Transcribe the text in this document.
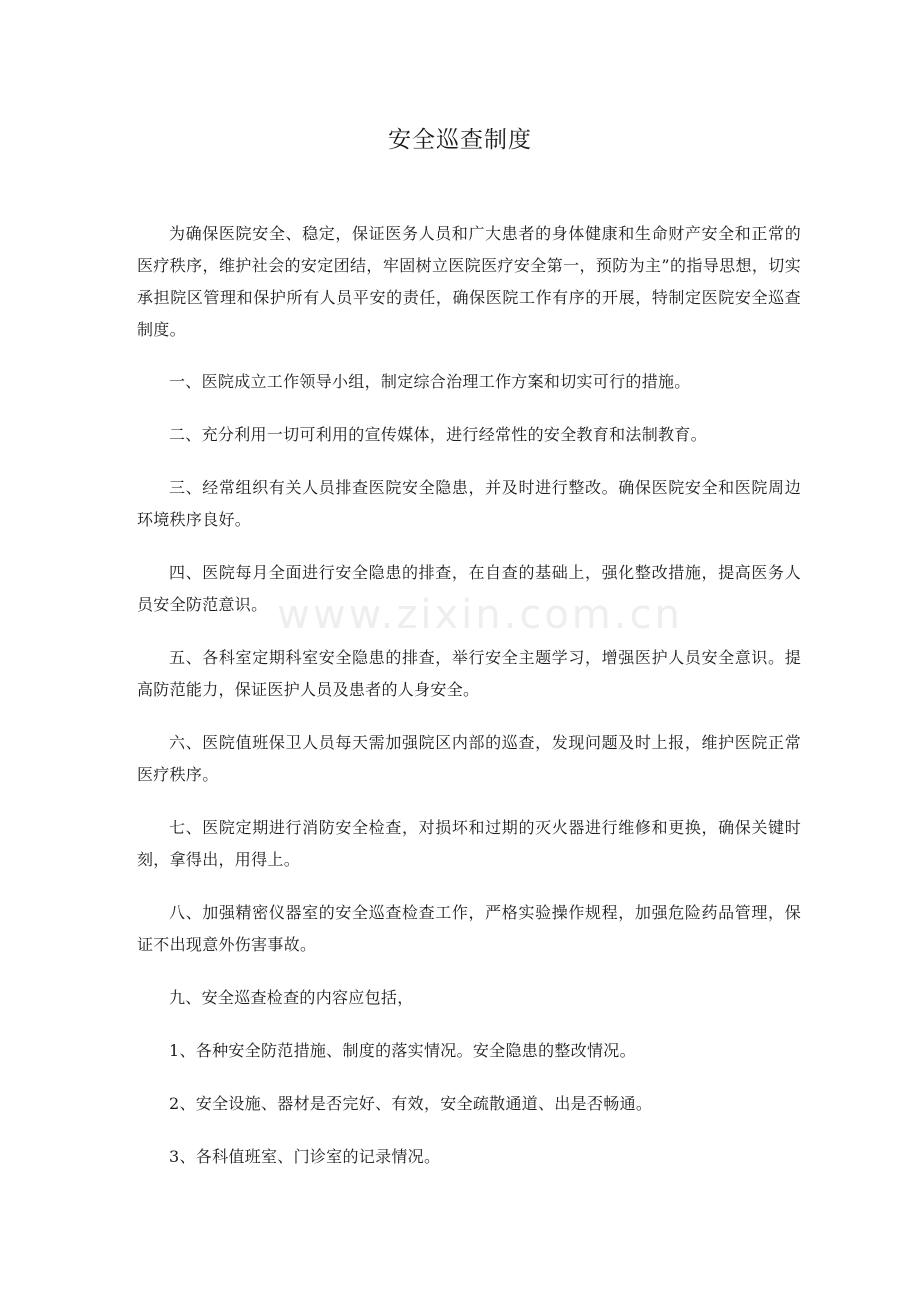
安全巡查制度

为确保医院安全、稳定，保证医务人员和广大患者的身体健康和生命财产安全和正常的医疗秩序，维护社会的安定团结，牢固树立医院医疗安全第一，预防为主”的指导思想，切实承担院区管理和保护所有人员平安的责任，确保医院工作有序的开展，特制定医院安全巡查制度。

一、医院成立工作领导小组，制定综合治理工作方案和切实可行的措施。

二、充分利用一切可利用的宣传媒体，进行经常性的安全教育和法制教育。

三、经常组织有关人员排查医院安全隐患，并及时进行整改。确保医院安全和医院周边环境秩序良好。

四、医院每月全面进行安全隐患的排查，在自查的基础上，强化整改措施，提高医务人员安全防范意识。

五、各科室定期科室安全隐患的排查，举行安全主题学习，增强医护人员安全意识。提高防范能力，保证医护人员及患者的人身安全。

六、医院值班保卫人员每天需加强院区内部的巡查，发现问题及时上报，维护医院正常医疗秩序。

七、医院定期进行消防安全检查，对损坏和过期的灭火器进行维修和更换，确保关键时刻，拿得出，用得上。

八、加强精密仪器室的安全巡查检查工作，严格实验操作规程，加强危险药品管理，保证不出现意外伤害事故。

九、安全巡查检查的内容应包括，

1、各种安全防范措施、制度的落实情况。安全隐患的整改情况。

2、安全设施、器材是否完好、有效，安全疏散通道、出是否畅通。

3、各科值班室、门诊室的记录情况。

www.zixin.com.cn
